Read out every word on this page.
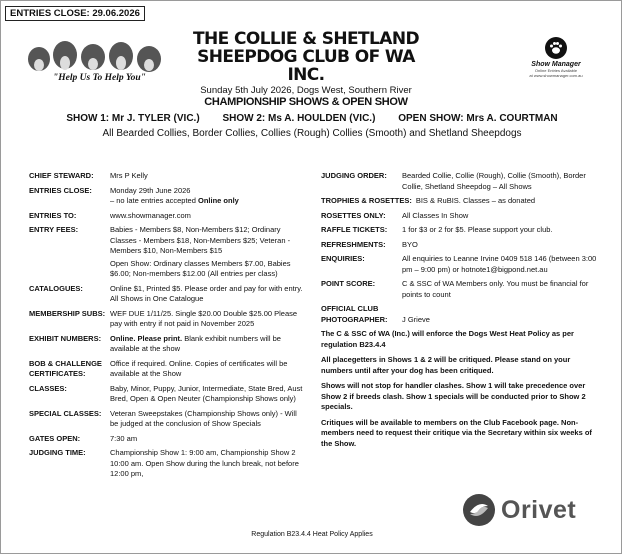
ENTRIES CLOSE: 29.06.2026
"Help Us To Help You"
THE COLLIE & SHETLAND
SHEEPDOG CLUB OF WA INC.
Sunday 5th July 2026, Dogs West, Southern River
CHAMPIONSHIP SHOWS & OPEN SHOW
Show Manager
Online Entries Available
at www.showmanager.com.au
SHOW 1: Mr J. TYLER (VIC.) SHOW 2: Ms A. HOULDEN (VIC.) OPEN SHOW: Mrs A. COURTMAN
All Bearded Collies, Border Collies, Collies (Rough) Collies (Smooth) and Shetland Sheepdogs
CHIEF STEWARD:	Mrs P Kelly
ENTRIES CLOSE:	Monday 29th June 2026

– no late entries accepted Online only

ENTRIES TO:	www.showmanager.com
ENTRY FEES:	Babies - Members $8, Non-Members $12; Ordinary Classes - Members $18, Non-Members $25; Veteran - Members $10, Non-Members $15

Open Show: Ordinary classes Members $7.00, Babies $6.00; Non-members $12.00 (All entries per class)

CATALOGUES:	Online $1, Printed $5. Please order and pay for with entry. All Shows in One Catalogue
MEMBERSHIP SUBS: WEF DUE 1/11/25. Single $20.00 Double $25.00 Please pay with entry if not paid in November 2025
EXHIBIT NUMBERS:	Online. Please print. Blank exhibit numbers will be available at the show
BOB & CHALLENGE	Office if required. Online. Copies of certificates will be
CERTIFICATES:	available at the Show
CLASSES:	Baby, Minor, Puppy, Junior, Intermediate, State Bred, Aust Bred, Open & Open Neuter (Championship Shows only)
SPECIAL CLASSES:	Veteran Sweepstakes (Championship Shows only) - Will be judged at the conclusion of Show Specials
GATES OPEN:	7:30 am
JUDGING TIME:	Championship Show 1: 9:00 am, Championship Show 2 10:00 am. Open Show during the lunch break, not before 12:00 pm,
JUDGING ORDER:	Bearded Collie, Collie (Rough), Collie (Smooth), Border Collie, Shetland Sheepdog – All Shows
TROPHIES & ROSETTES: BIS & RuBIS. Classes – as donated
ROSETTES ONLY:	All Classes In Show
RAFFLE TICKETS:	1 for $3 or 2 for $5. Please support your club.
REFRESHMENTS:	BYO
ENQUIRIES:	All enquiries to Leanne Irvine 0409 518 146 (between 3:00 pm – 9:00 pm) or hotnote1@bigpond.net.au
POINT SCORE:	C & SSC of WA Members only. You must be financial for points to count
OFFICIAL CLUB
PHOTOGRAPHER:	J Grieve

The C & SSC of WA (Inc.) will enforce the Dogs West Heat Policy as per regulation B23.4.4

All placegetters in Shows 1 & 2 will be critiqued. Please stand on your numbers until after your dog has been critiqued.

Shows will not stop for handler clashes. Show 1 will take precedence over Show 2 if breeds clash. Show 1 specials will be conducted prior to Show 2 specials.

Critiques will be available to members on the Club Facebook page. Non-members need to request their critique via the Secretary within six weeks of the Show.

Orivet
Regulation B23.4.4 Heat Policy Applies
